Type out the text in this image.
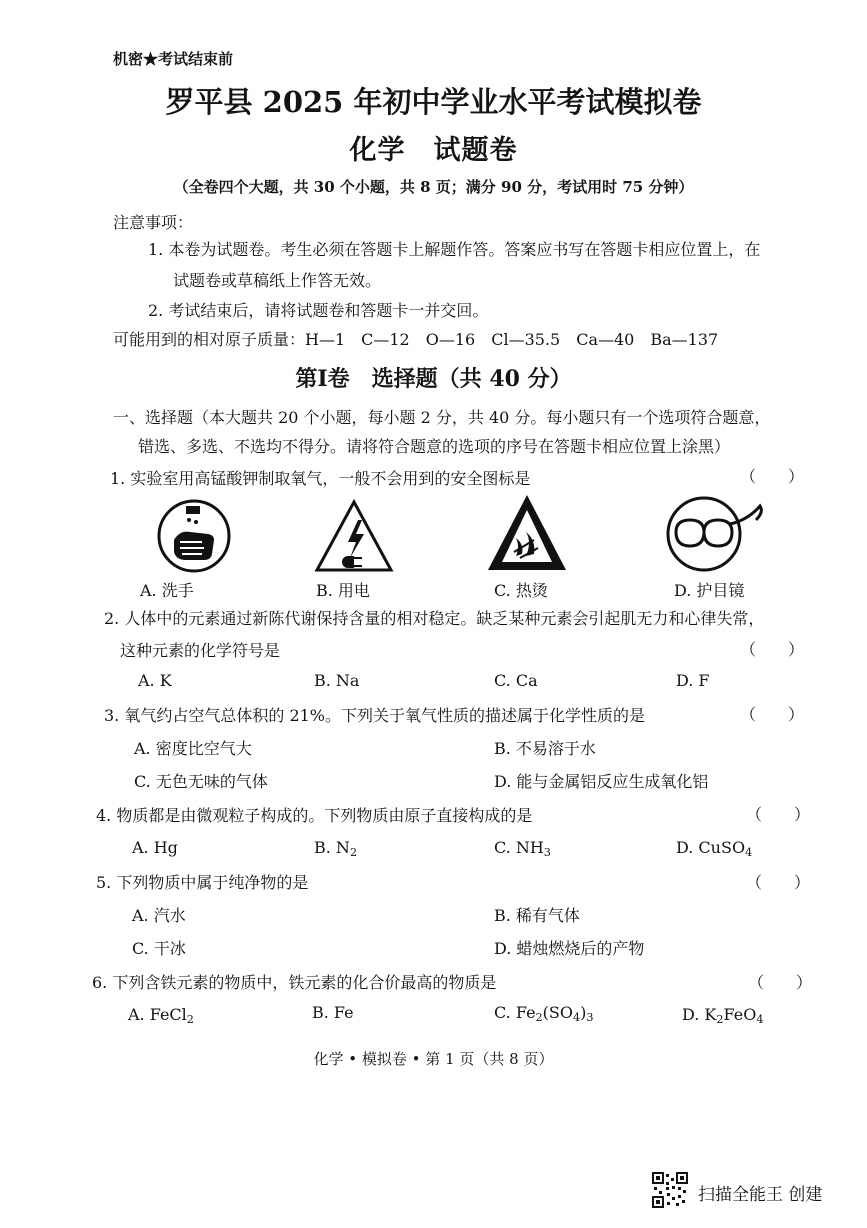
机密★考试结束前
罗平县 2025 年初中学业水平考试模拟卷
化学　试题卷
（全卷四个大题，共 30 个小题，共 8 页；满分 90 分，考试用时 75 分钟）
注意事项：
1. 本卷为试题卷。考生必须在答题卡上解题作答。答案应书写在答题卡相应位置上，在
试题卷或草稿纸上作答无效。
2. 考试结束后，请将试题卷和答题卡一并交回。
可能用到的相对原子质量：H—1　C—12　O—16　Cl—35.5　Ca—40　Ba—137
第Ⅰ卷　选择题（共 40 分）
一、选择题（本大题共 20 个小题，每小题 2 分，共 40 分。每小题只有一个选项符合题意，
错选、多选、不选均不得分。请将符合题意的选项的序号在答题卡相应位置上涂黑）
1. 实验室用高锰酸钾制取氧气，一般不会用到的安全图标是	（　　）
A. 洗手	B. 用电	C. 热烫	D. 护目镜
2. 人体中的元素通过新陈代谢保持含量的相对稳定。缺乏某种元素会引起肌无力和心律失常，
这种元素的化学符号是	（　　）
A. K	B. Na	C. Ca	D. F
3. 氧气约占空气总体积的 21%。下列关于氧气性质的描述属于化学性质的是	（　　）
A. 密度比空气大	B. 不易溶于水
C. 无色无味的气体	D. 能与金属铝反应生成氧化铝
4. 物质都是由微观粒子构成的。下列物质由原子直接构成的是	（　　）
A. Hg	B. $N_2$	C. $NH_3$	D. CuSO$_4$
5. 下列物质中属于纯净物的是	（　　）
A. 汽水	B. 稀有气体
C. 干冰	D. 蜡烛燃烧后的产物
6. 下列含铁元素的物质中，铁元素的化合价最高的物质是	（　　）
A. FeCl$_2$	B. Fe	C. $Fe_2(SO_4)_3$	D. $K_2FeO_4$
化学 • 模拟卷 • 第 1 页（共 8 页）
扫描全能王 创建
